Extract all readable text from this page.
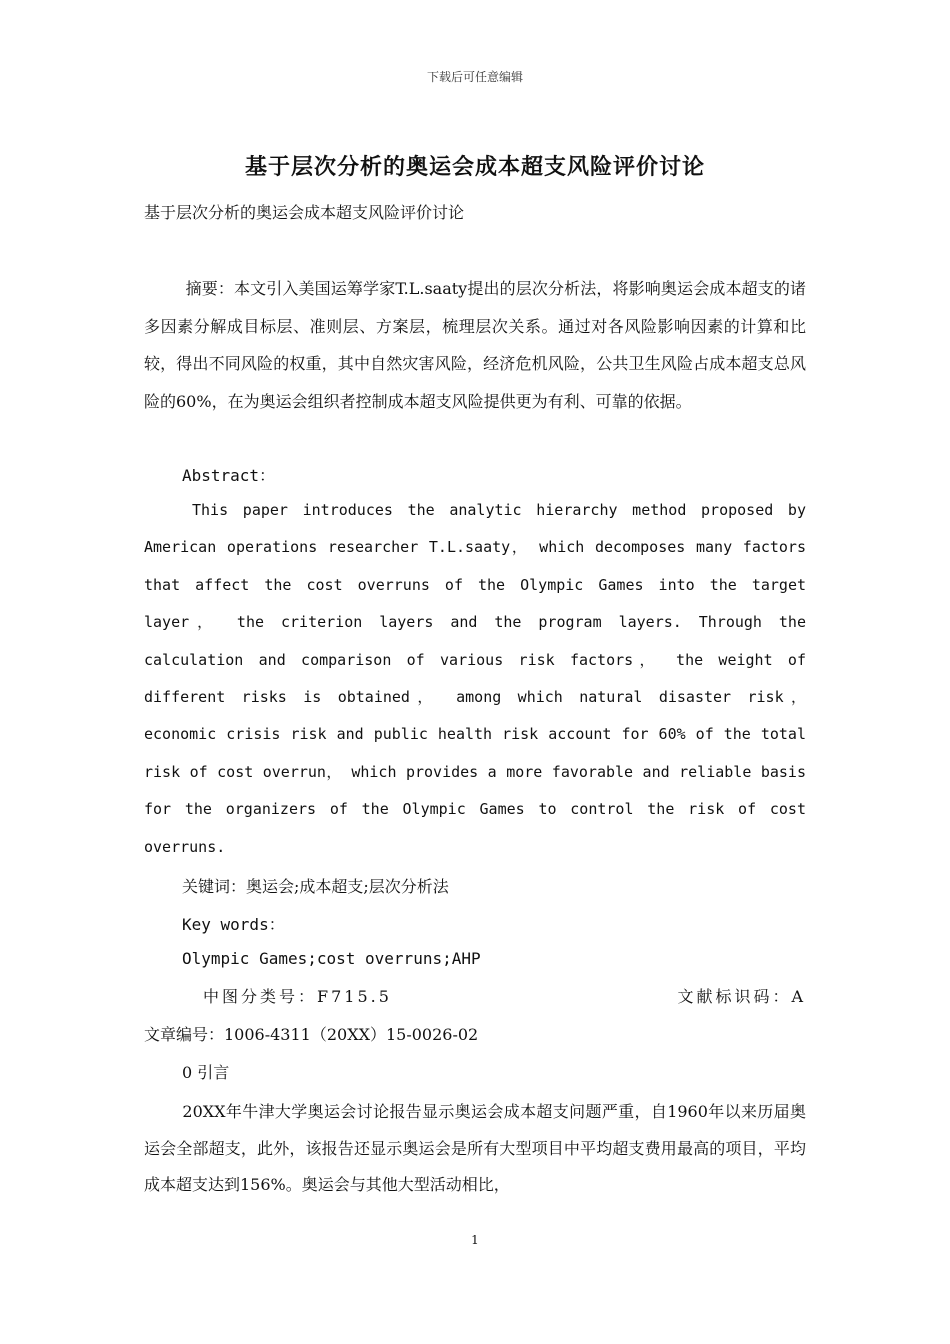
下载后可任意编辑
基于层次分析的奥运会成本超支风险评价讨论
基于层次分析的奥运会成本超支风险评价讨论
摘要：本文引入美国运筹学家T.L.saaty提出的层次分析法，将影响奥运会成本超支的诸多因素分解成目标层、准则层、方案层，梳理层次关系。通过对各风险影响因素的计算和比较，得出不同风险的权重，其中自然灾害风险，经济危机风险，公共卫生风险占成本超支总风险的60%，在为奥运会组织者控制成本超支风险提供更为有利、可靠的依据。
Abstract：
This paper introduces the analytic hierarchy method proposed by American operations researcher T.L.saaty， which decomposes many factors that affect the cost overruns of the Olympic Games into the target layer， the criterion layers and the program layers. Through the calculation and comparison of various risk factors， the weight of different risks is obtained， among which natural disaster risk， economic crisis risk and public health risk account for 60% of the total risk of cost overrun， which provides a more favorable and reliable basis for the organizers of the Olympic Games to control the risk of cost overruns.
关键词：奥运会;成本超支;层次分析法
Key words：
Olympic Games;cost overruns;AHP
中图分类号：F715.5	文献标识码：A
文章编号：1006-4311（20XX）15-0026-02
0 引言
20XX年牛津大学奥运会讨论报告显示奥运会成本超支问题严重，自1960年以来历届奥运会全部超支，此外，该报告还显示奥运会是所有大型项目中平均超支费用最高的项目，平均成本超支达到156%。奥运会与其他大型活动相比，
1
